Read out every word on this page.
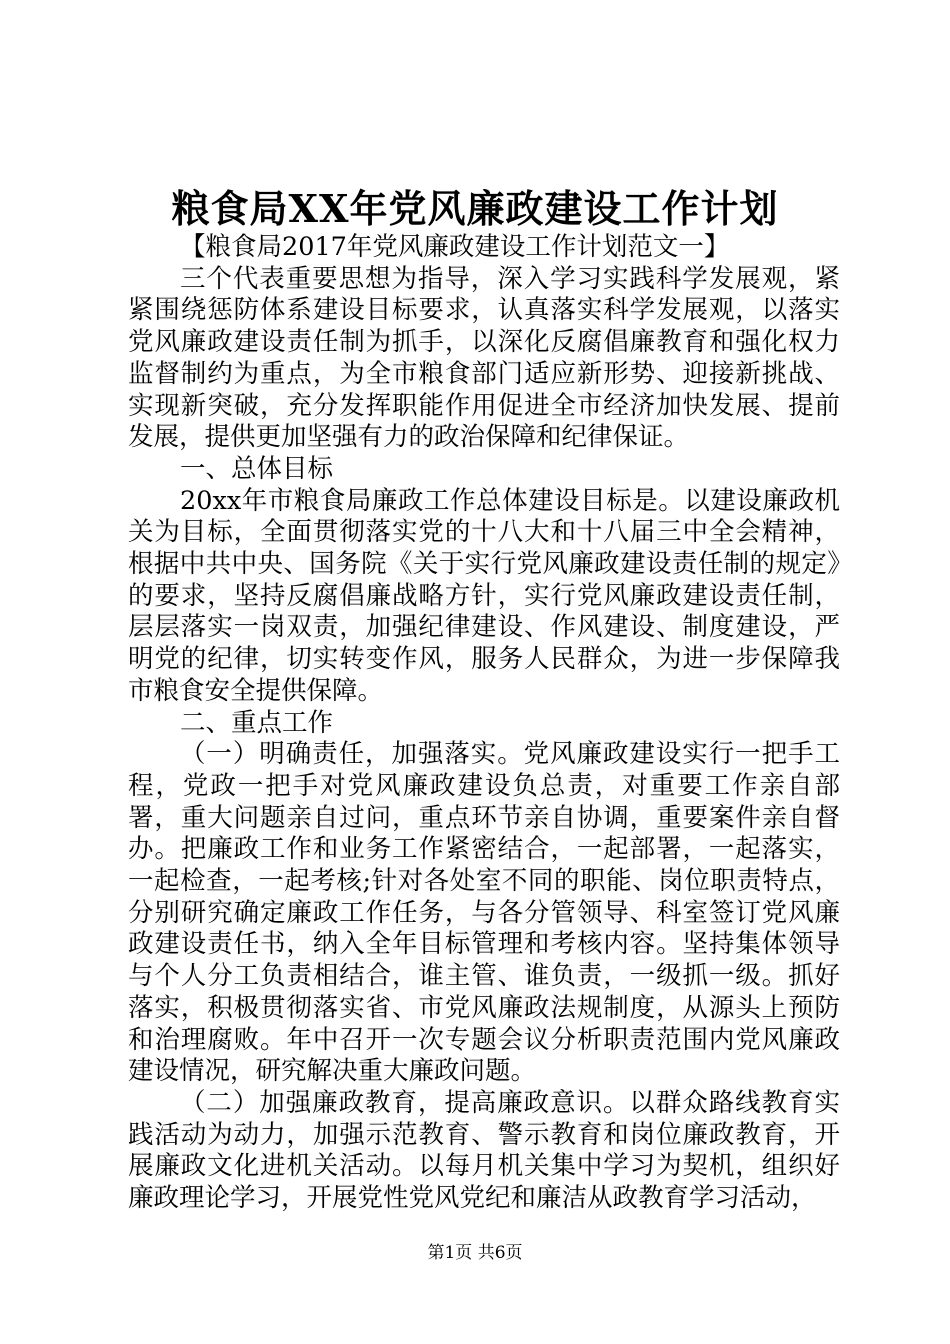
粮食局XX年党风廉政建设工作计划

【粮食局2017年党风廉政建设工作计划范文一】

三个代表重要思想为指导，深入学习实践科学发展观，紧紧围绕惩防体系建设目标要求，认真落实科学发展观，以落实党风廉政建设责任制为抓手，以深化反腐倡廉教育和强化权力监督制约为重点，为全市粮食部门适应新形势、迎接新挑战、实现新突破，充分发挥职能作用促进全市经济加快发展、提前发展，提供更加坚强有力的政治保障和纪律保证。

一、总体目标

20xx年市粮食局廉政工作总体建设目标是。以建设廉政机关为目标，全面贯彻落实党的十八大和十八届三中全会精神，根据中共中央、国务院《关于实行党风廉政建设责任制的规定》的要求，坚持反腐倡廉战略方针，实行党风廉政建设责任制，层层落实一岗双责，加强纪律建设、作风建设、制度建设，严明党的纪律，切实转变作风，服务人民群众，为进一步保障我市粮食安全提供保障。

二、重点工作

（一）明确责任，加强落实。党风廉政建设实行一把手工程，党政一把手对党风廉政建设负总责，对重要工作亲自部署，重大问题亲自过问，重点环节亲自协调，重要案件亲自督办。把廉政工作和业务工作紧密结合，一起部署，一起落实，一起检查，一起考核;针对各处室不同的职能、岗位职责特点，分别研究确定廉政工作任务，与各分管领导、科室签订党风廉政建设责任书，纳入全年目标管理和考核内容。坚持集体领导与个人分工负责相结合，谁主管、谁负责，一级抓一级。抓好落实，积极贯彻落实省、市党风廉政法规制度，从源头上预防和治理腐败。年中召开一次专题会议分析职责范围内党风廉政建设情况，研究解决重大廉政问题。

（二）加强廉政教育，提高廉政意识。以群众路线教育实践活动为动力，加强示范教育、警示教育和岗位廉政教育，开展廉政文化进机关活动。以每月机关集中学习为契机，组织好廉政理论学习，开展党性党风党纪和廉洁从政教育学习活动，

第1页 共6页
